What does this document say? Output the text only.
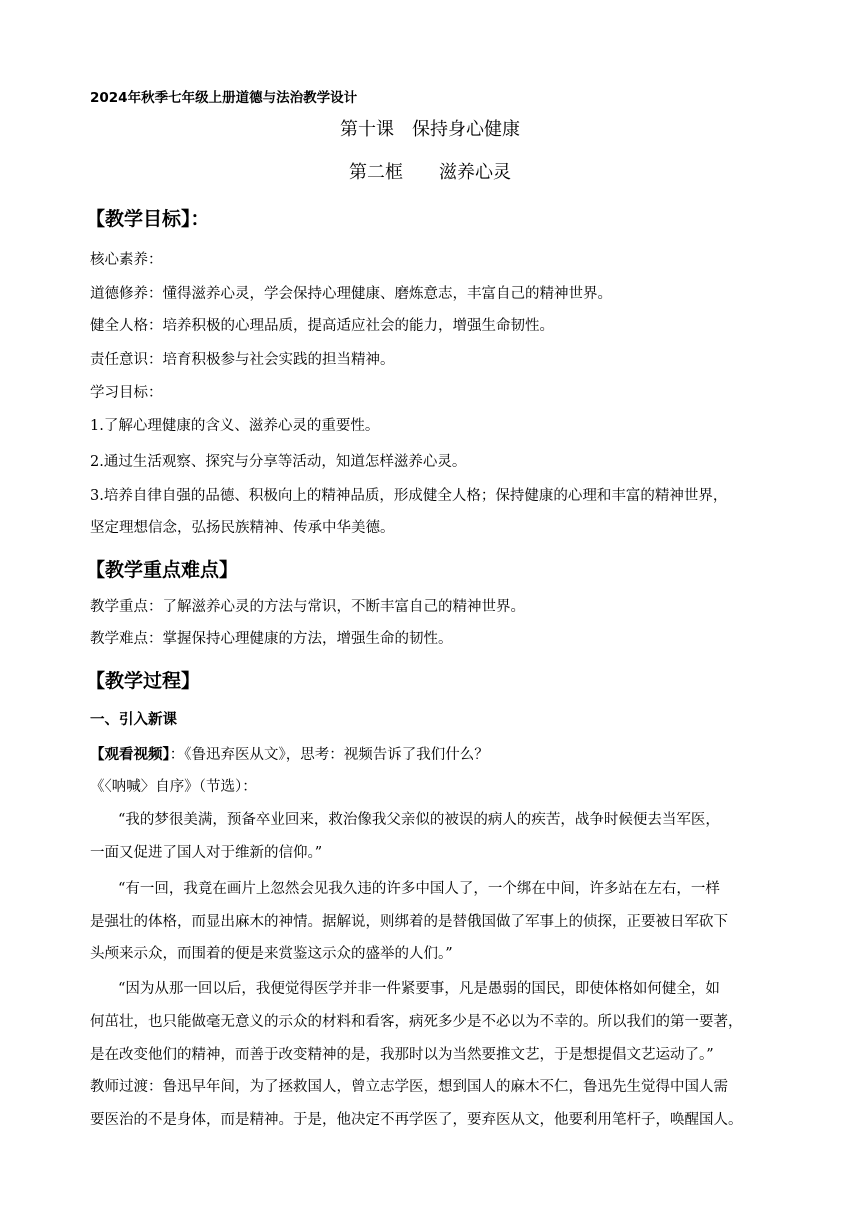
2024年秋季七年级上册道德与法治教学设计
第十课　保持身心健康
第二框　　滋养心灵
【教学目标】：
核心素养：
道德修养：懂得滋养心灵，学会保持心理健康、磨炼意志，丰富自己的精神世界。
健全人格：培养积极的心理品质，提高适应社会的能力，增强生命韧性。
责任意识：培育积极参与社会实践的担当精神。
学习目标：
1.了解心理健康的含义、滋养心灵的重要性。
2.通过生活观察、探究与分享等活动，知道怎样滋养心灵。
3.培养自律自强的品德、积极向上的精神品质，形成健全人格；保持健康的心理和丰富的精神世界，
坚定理想信念，弘扬民族精神、传承中华美德。
【教学重点难点】
教学重点：了解滋养心灵的方法与常识，不断丰富自己的精神世界。
教学难点：掌握保持心理健康的方法，增强生命的韧性。
【教学过程】
一、引入新课
【观看视频】：《鲁迅弃医从文》，思考：视频告诉了我们什么？
《〈呐喊〉自序》（节选）：
“我的梦很美满，预备卒业回来，救治像我父亲似的被误的病人的疾苦，战争时候便去当军医，
一面又促进了国人对于维新的信仰。”
“有一回，我竟在画片上忽然会见我久违的许多中国人了，一个绑在中间，许多站在左右，一样
是强壮的体格，而显出麻木的神情。据解说，则绑着的是替俄国做了军事上的侦探，正要被日军砍下
头颅来示众，而围着的便是来赏鉴这示众的盛举的人们。”
“因为从那一回以后，我便觉得医学并非一件紧要事，凡是愚弱的国民，即使体格如何健全，如
何茁壮，也只能做毫无意义的示众的材料和看客，病死多少是不必以为不幸的。所以我们的第一要著，
是在改变他们的精神，而善于改变精神的是，我那时以为当然要推文艺，于是想提倡文艺运动了。”
教师过渡：鲁迅早年间，为了拯救国人，曾立志学医，想到国人的麻木不仁，鲁迅先生觉得中国人需
要医治的不是身体，而是精神。于是，他决定不再学医了，要弃医从文，他要利用笔杆子，唤醒国人。
